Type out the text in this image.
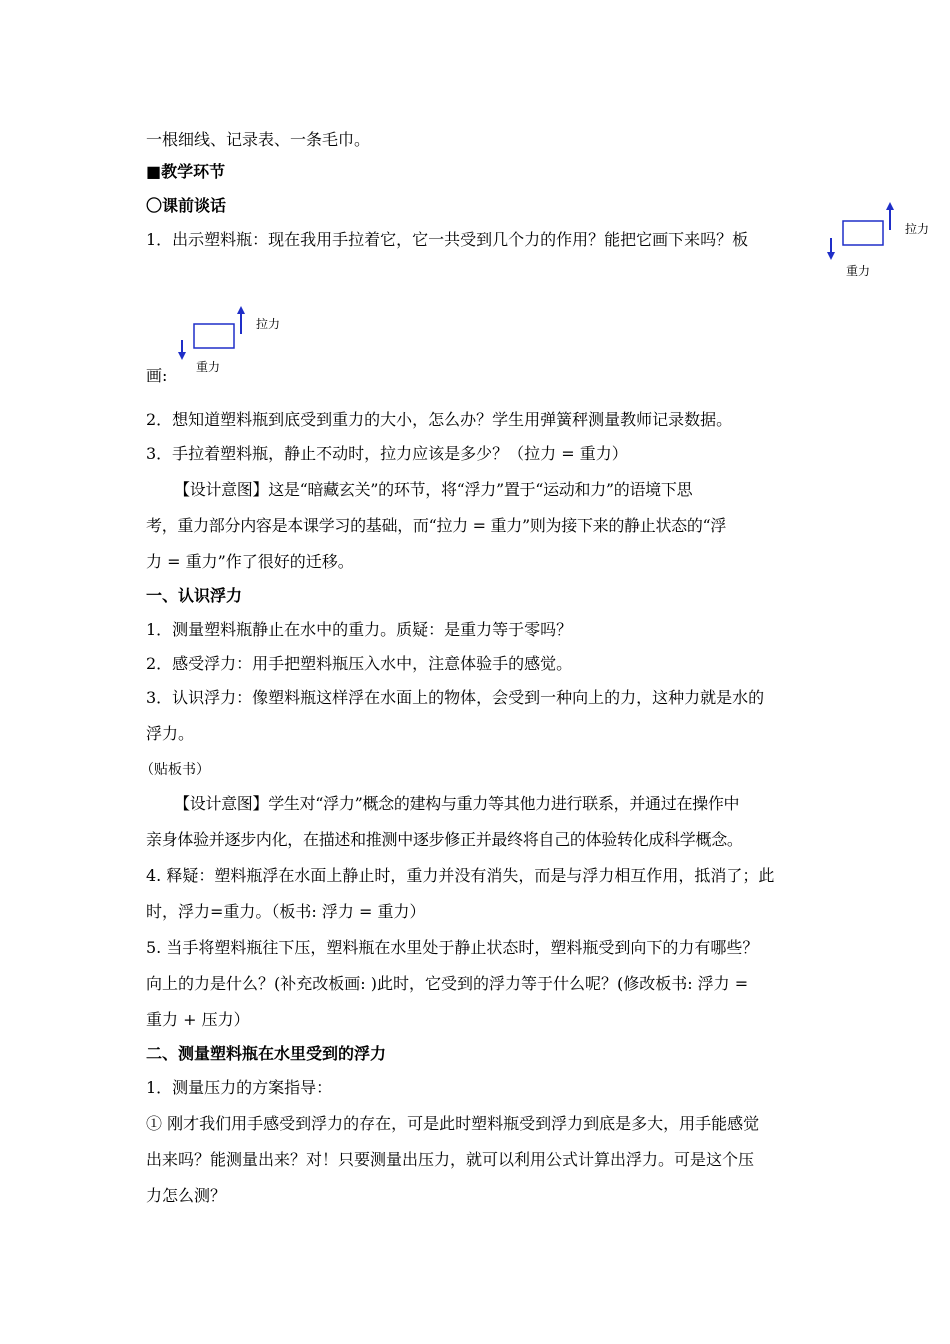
一根细线、记录表、一条毛巾。
■教学环节
〇课前谈话
1．出示塑料瓶：现在我用手拉着它，它一共受到几个力的作用？能把它画下来吗？板
拉力
重力
拉力
重力
画:
2．想知道塑料瓶到底受到重力的大小，怎么办？学生用弹簧秤测量教师记录数据。
3．手拉着塑料瓶，静止不动时，拉力应该是多少？（拉力 = 重力）
【设计意图】这是“暗藏玄关”的环节，将“浮力”置于“运动和力”的语境下思
考，重力部分内容是本课学习的基础，而“拉力 = 重力”则为接下来的静止状态的“浮
力 = 重力”作了很好的迁移。
一、认识浮力
1．测量塑料瓶静止在水中的重力。质疑：是重力等于零吗？
2．感受浮力：用手把塑料瓶压入水中，注意体验手的感觉。
3．认识浮力：像塑料瓶这样浮在水面上的物体，会受到一种向上的力，这种力就是水的
浮力。
（贴板书）
【设计意图】学生对“浮力”概念的建构与重力等其他力进行联系，并通过在操作中
亲身体验并逐步内化，在描述和推测中逐步修正并最终将自己的体验转化成科学概念。
4. 释疑：塑料瓶浮在水面上静止时，重力并没有消失，而是与浮力相互作用，抵消了；此
时，浮力=重力。（板书: 浮力 = 重力）
5. 当手将塑料瓶往下压，塑料瓶在水里处于静止状态时，塑料瓶受到向下的力有哪些？
向上的力是什么？(补充改板画: )此时，它受到的浮力等于什么呢？(修改板书: 浮力 =
重力 + 压力）
二、测量塑料瓶在水里受到的浮力
1．测量压力的方案指导：
① 刚才我们用手感受到浮力的存在，可是此时塑料瓶受到浮力到底是多大，用手能感觉
出来吗？能测量出来？对！只要测量出压力，就可以利用公式计算出浮力。可是这个压
力怎么测？
